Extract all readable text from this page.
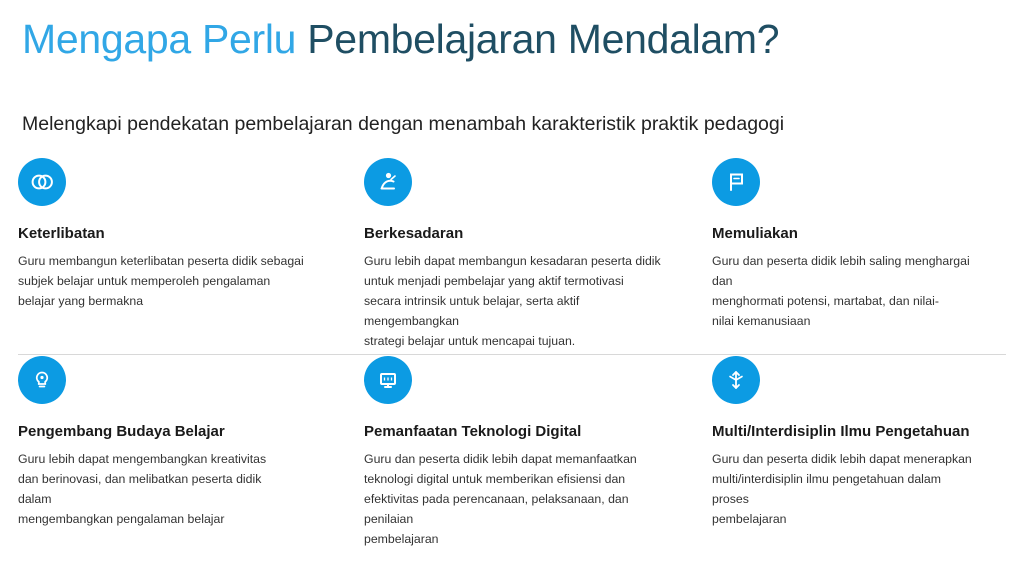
Mengapa Perlu Pembelajaran Mendalam?
Melengkapi pendekatan pembelajaran dengan menambah karakteristik praktik pedagogi
Keterlibatan
Guru membangun keterlibatan peserta didik sebagai
subjek belajar untuk memperoleh pengalaman
belajar yang bermakna
Berkesadaran
Guru lebih dapat membangun kesadaran peserta didik
untuk menjadi pembelajar yang aktif termotivasi
secara intrinsik untuk belajar, serta aktif
mengembangkan
strategi belajar untuk mencapai tujuan.
Memuliakan
Guru dan peserta didik lebih saling menghargai
dan
menghormati potensi, martabat, dan nilai-
nilai kemanusiaan
Pengembang Budaya Belajar
Guru lebih dapat mengembangkan kreativitas
dan berinovasi, dan melibatkan peserta didik
dalam
mengembangkan pengalaman belajar
Pemanfaatan Teknologi Digital
Guru dan peserta didik lebih dapat memanfaatkan
teknologi digital untuk memberikan efisiensi dan
efektivitas pada perencanaan, pelaksanaan, dan
penilaian
pembelajaran
Multi/Interdisiplin Ilmu Pengetahuan
Guru dan peserta didik lebih dapat menerapkan
multi/interdisiplin ilmu pengetahuan dalam
proses
pembelajaran
